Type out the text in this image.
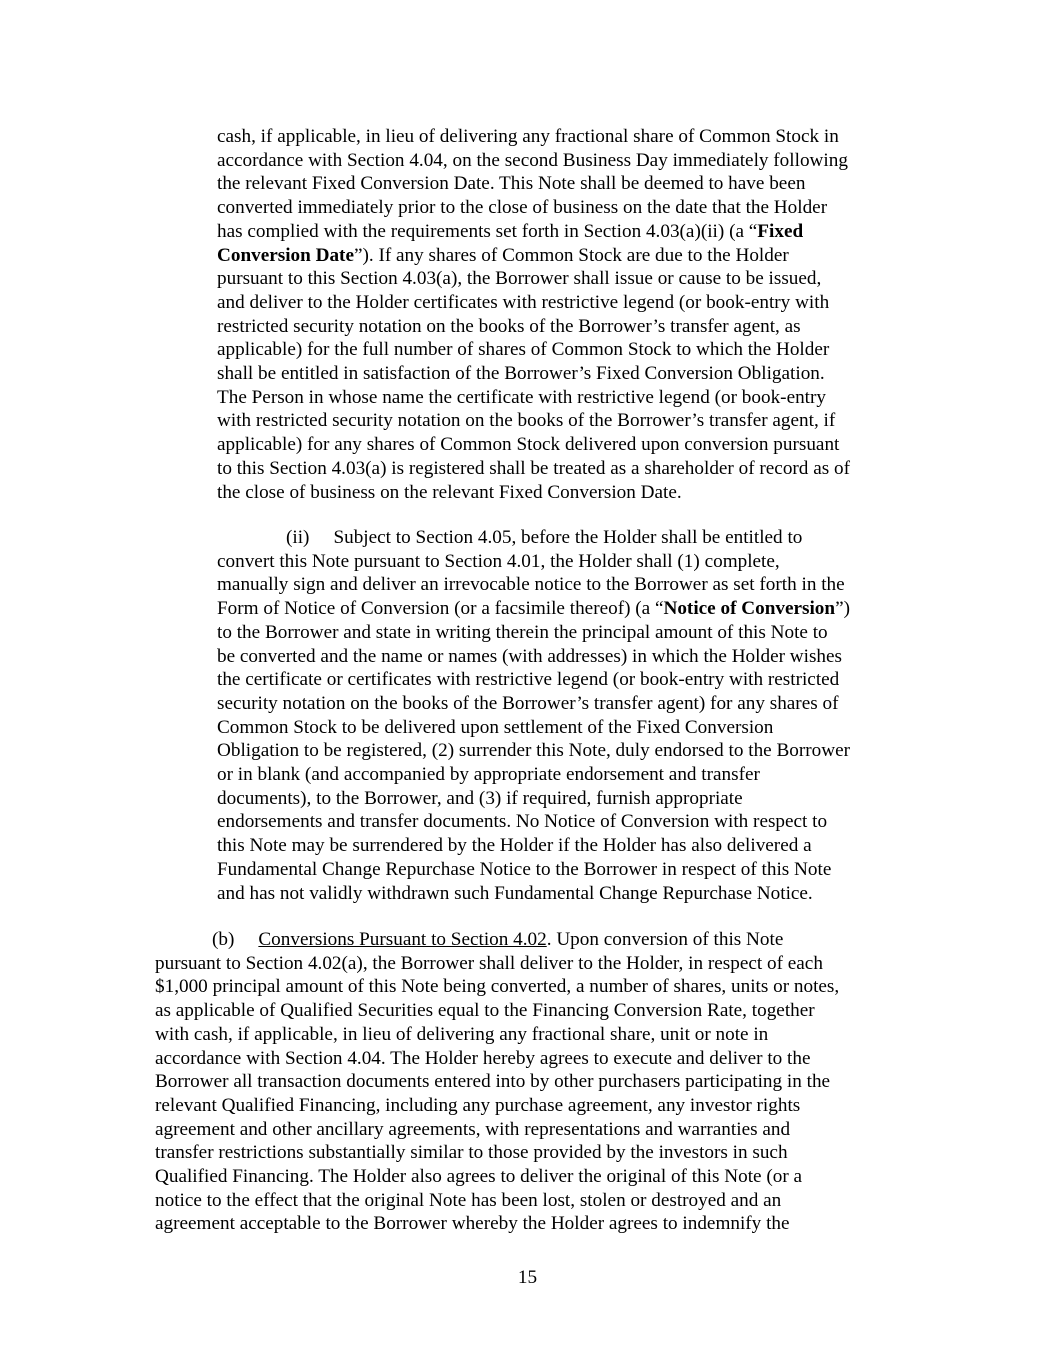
cash, if applicable, in lieu of delivering any fractional share of Common Stock in
accordance with Section 4.04, on the second Business Day immediately following
the relevant Fixed Conversion Date. This Note shall be deemed to have been
converted immediately prior to the close of business on the date that the Holder
has complied with the requirements set forth in Section 4.03(a)(ii) (a “Fixed
Conversion Date”). If any shares of Common Stock are due to the Holder
pursuant to this Section 4.03(a), the Borrower shall issue or cause to be issued,
and deliver to the Holder certificates with restrictive legend (or book-entry with
restricted security notation on the books of the Borrower’s transfer agent, as
applicable) for the full number of shares of Common Stock to which the Holder
shall be entitled in satisfaction of the Borrower’s Fixed Conversion Obligation.
The Person in whose name the certificate with restrictive legend (or book-entry
with restricted security notation on the books of the Borrower’s transfer agent, if
applicable) for any shares of Common Stock delivered upon conversion pursuant
to this Section 4.03(a) is registered shall be treated as a shareholder of record as of
the close of business on the relevant Fixed Conversion Date.
(ii) Subject to Section 4.05, before the Holder shall be entitled to
convert this Note pursuant to Section 4.01, the Holder shall (1) complete,
manually sign and deliver an irrevocable notice to the Borrower as set forth in the
Form of Notice of Conversion (or a facsimile thereof) (a “Notice of Conversion”)
to the Borrower and state in writing therein the principal amount of this Note to
be converted and the name or names (with addresses) in which the Holder wishes
the certificate or certificates with restrictive legend (or book-entry with restricted
security notation on the books of the Borrower’s transfer agent) for any shares of
Common Stock to be delivered upon settlement of the Fixed Conversion
Obligation to be registered, (2) surrender this Note, duly endorsed to the Borrower
or in blank (and accompanied by appropriate endorsement and transfer
documents), to the Borrower, and (3) if required, furnish appropriate
endorsements and transfer documents. No Notice of Conversion with respect to
this Note may be surrendered by the Holder if the Holder has also delivered a
Fundamental Change Repurchase Notice to the Borrower in respect of this Note
and has not validly withdrawn such Fundamental Change Repurchase Notice.
(b) Conversions Pursuant to Section 4.02. Upon conversion of this Note
pursuant to Section 4.02(a), the Borrower shall deliver to the Holder, in respect of each
$1,000 principal amount of this Note being converted, a number of shares, units or notes,
as applicable of Qualified Securities equal to the Financing Conversion Rate, together
with cash, if applicable, in lieu of delivering any fractional share, unit or note in
accordance with Section 4.04. The Holder hereby agrees to execute and deliver to the
Borrower all transaction documents entered into by other purchasers participating in the
relevant Qualified Financing, including any purchase agreement, any investor rights
agreement and other ancillary agreements, with representations and warranties and
transfer restrictions substantially similar to those provided by the investors in such
Qualified Financing. The Holder also agrees to deliver the original of this Note (or a
notice to the effect that the original Note has been lost, stolen or destroyed and an
agreement acceptable to the Borrower whereby the Holder agrees to indemnify the
15
